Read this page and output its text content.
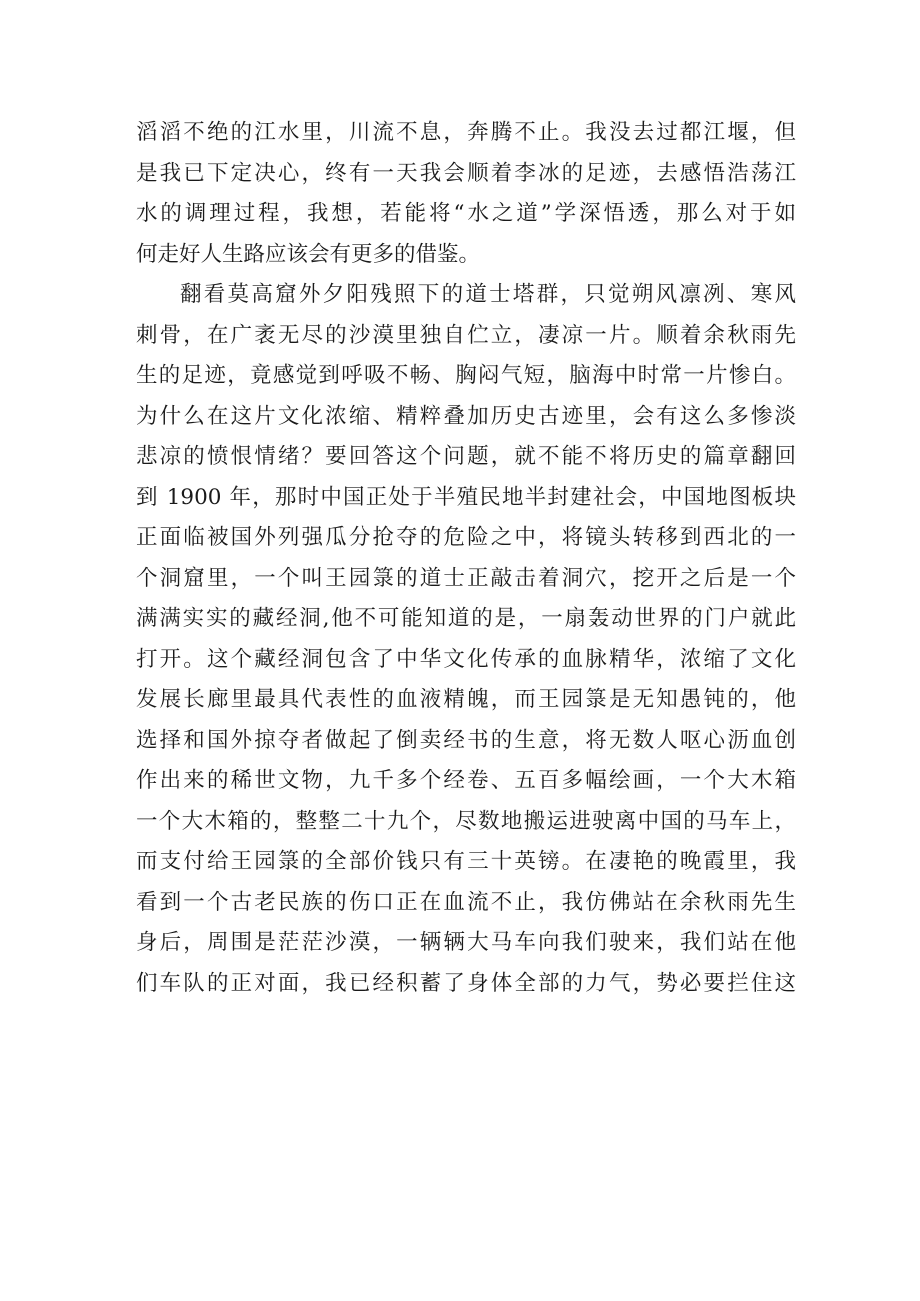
滔滔不绝的江水里，川流不息，奔腾不止。我没去过都江堰，但
是我已下定决心，终有一天我会顺着李冰的足迹，去感悟浩荡江
水的调理过程，我想，若能将“水之道”学深悟透，那么对于如
何走好人生路应该会有更多的借鉴。
翻看莫高窟外夕阳残照下的道士塔群，只觉朔风凛冽、寒风
刺骨，在广袤无尽的沙漠里独自伫立，凄凉一片。顺着余秋雨先
生的足迹，竟感觉到呼吸不畅、胸闷气短，脑海中时常一片惨白。
为什么在这片文化浓缩、精粹叠加历史古迹里，会有这么多惨淡
悲凉的愤恨情绪？要回答这个问题，就不能不将历史的篇章翻回
到 1900 年，那时中国正处于半殖民地半封建社会，中国地图板块
正面临被国外列强瓜分抢夺的危险之中，将镜头转移到西北的一
个洞窟里，一个叫王园箓的道士正敲击着洞穴，挖开之后是一个
满满实实的藏经洞,他不可能知道的是，一扇轰动世界的门户就此
打开。这个藏经洞包含了中华文化传承的血脉精华，浓缩了文化
发展长廊里最具代表性的血液精魄，而王园箓是无知愚钝的，他
选择和国外掠夺者做起了倒卖经书的生意，将无数人呕心沥血创
作出来的稀世文物，九千多个经卷、五百多幅绘画，一个大木箱
一个大木箱的，整整二十九个，尽数地搬运进驶离中国的马车上，
而支付给王园箓的全部价钱只有三十英镑。在凄艳的晚霞里，我
看到一个古老民族的伤口正在血流不止，我仿佛站在余秋雨先生
身后，周围是茫茫沙漠，一辆辆大马车向我们驶来，我们站在他
们车队的正对面，我已经积蓄了身体全部的力气，势必要拦住这
